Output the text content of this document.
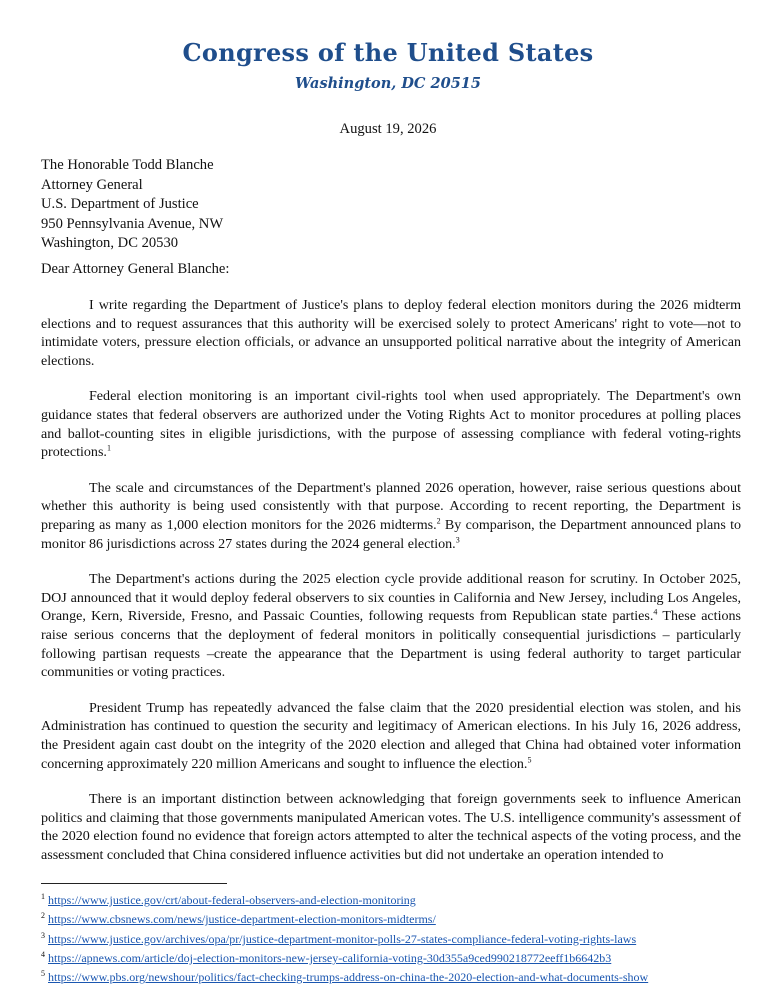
Congress of the United States
Washington, DC 20515
August 19, 2026
The Honorable Todd Blanche
Attorney General
U.S. Department of Justice
950 Pennsylvania Avenue, NW
Washington, DC 20530
Dear Attorney General Blanche:

I write regarding the Department of Justice's plans to deploy federal election monitors during the 2026 midterm elections and to request assurances that this authority will be exercised solely to protect Americans' right to vote—not to intimidate voters, pressure election officials, or advance an unsupported political narrative about the integrity of American elections.

Federal election monitoring is an important civil-rights tool when used appropriately. The Department's own guidance states that federal observers are authorized under the Voting Rights Act to monitor procedures at polling places and ballot-counting sites in eligible jurisdictions, with the purpose of assessing compliance with federal voting-rights protections.$^1$

The scale and circumstances of the Department's planned 2026 operation, however, raise serious questions about whether this authority is being used consistently with that purpose. According to recent reporting, the Department is preparing as many as 1,000 election monitors for the 2026 midterms.$^2$ By comparison, the Department announced plans to monitor 86 jurisdictions across 27 states during the 2024 general election.$^3$

The Department's actions during the 2025 election cycle provide additional reason for scrutiny. In October 2025, DOJ announced that it would deploy federal observers to six counties in California and New Jersey, including Los Angeles, Orange, Kern, Riverside, Fresno, and Passaic Counties, following requests from Republican state parties.$^4$ These actions raise serious concerns that the deployment of federal monitors in politically consequential jurisdictions – particularly following partisan requests –create the appearance that the Department is using federal authority to target particular communities or voting practices.

President Trump has repeatedly advanced the false claim that the 2020 presidential election was stolen, and his Administration has continued to question the security and legitimacy of American elections. In his July 16, 2026 address, the President again cast doubt on the integrity of the 2020 election and alleged that China had obtained voter information concerning approximately 220 million Americans and sought to influence the election.$^5$

There is an important distinction between acknowledging that foreign governments seek to influence American politics and claiming that those governments manipulated American votes. The U.S. intelligence community's assessment of the 2020 election found no evidence that foreign actors attempted to alter the technical aspects of the voting process, and the assessment concluded that China considered influence activities but did not undertake an operation intended to

$^1$ https://www.justice.gov/crt/about-federal-observers-and-election-monitoring
$^2$ https://www.cbsnews.com/news/justice-department-election-monitors-midterms/
$^3$ https://www.justice.gov/archives/opa/pr/justice-department-monitor-polls-27-states-compliance-federal-voting-rights-laws
$^4$ https://apnews.com/article/doj-election-monitors-new-jersey-california-voting-30d355a9ced990218772eeff1b6642b3
$^5$ https://www.pbs.org/newshour/politics/fact-checking-trumps-address-on-china-the-2020-election-and-what-documents-show
